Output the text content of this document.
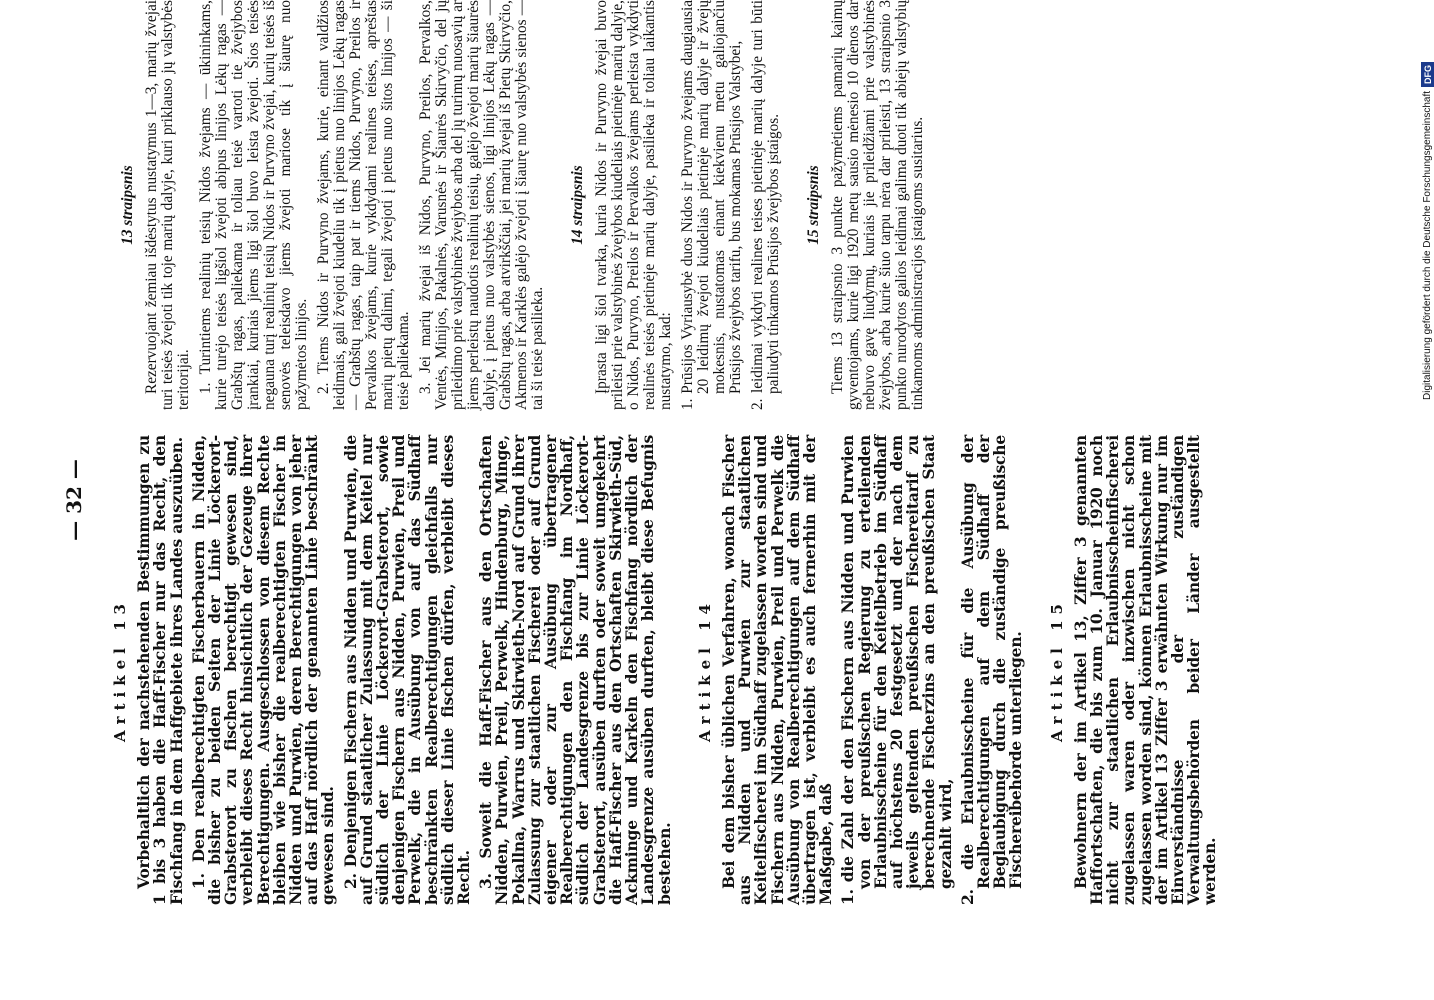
— 32 —
Artikel 13 Vorbehaltlich der nachstehenden Bestimmungen zu 1 bis 3 haben die Haff-Fischer nur das Recht, den Fischfang in dem Haffgebiete ihres Landes auszuüben. 1. Den realberechtigten Fischerbauern in Nidden, die bisher zu beiden Seiten der Linie Löckerort-Grabsterort zu fischen berechtigt gewesen sind, verbleibt dieses Recht hinsichtlich der Gezeuge ihrer Berechtigungen. Ausgeschlossen von diesem Rechte bleiben wie bisher die realberechtigten Fischer in Nidden und Purwien, deren Berechtigungen von jeher auf das Haff nördlich der genannten Linie beschränkt gewesen sind. 2. Denjenigen Fischern aus Nidden und Purwien, die auf Grund staatlicher Zulassung mit dem Keitel nur südlich der Linie Löckerort-Grabsterort, sowie denjenigen Fischern aus Nidden, Purwien, Preil und Perwelk, die in Ausübung von auf das Südhaff beschränkten Realberechtigungen gleichfalls nur südlich dieser Linie fischen dürfen, verbleibt dieses Recht. 3. Soweit die Haff-Fischer aus den Ortschaften Nidden, Purwien, Preil, Perwelk, Hindenburg, Minge, Pokallna, Warrus und Skirwieth-Nord auf Grund ihrer Zulassung zur staatlichen Fischerei oder auf Grund eigener oder zur Ausübung übertragener Realberechtigungen den Fischfang im Nordhaff, südlich der Landesgrenze bis zur Linie Löckerort-Grabsterort, ausüben durften oder soweit umgekehrt die Haff-Fischer aus den Ortschaften Skirwieth-Süd, Ackminge und Karkeln den Fischfang nördlich der Landesgrenze ausüben durften, bleibt diese Befugnis bestehen.

Artikel 14 Bei dem bisher üblichen Verfahren, wonach Fischer aus Nidden und Purwien zur staatlichen Keitelfischerei im Südhaff zugelassen worden sind und Fischern aus Nidden, Purwien, Preil und Perwelk die Ausübung von Realberechtigungen auf dem Südhaff übertragen ist, verbleibt es auch fernerhin mit der Maßgabe, daß 1. die Zahl der den Fischern aus Nidden und Purwien von der preußischen Regierung zu erteilenden Erlaubnisscheine für den Keitelbetrieb im Südhaff auf höchstens 20 festgesetzt und der nach dem jeweils geltenden preußischen Fischereitarif zu berechnende Fischerzins an den preußischen Staat gezahlt wird, 2. die Erlaubnisscheine für die Ausübung der Realberechtigungen auf dem Südhaff der Beglaubigung durch die zuständige preußische Fischereibehörde unterliegen. Artikel 15 Bewohnern der im Artikel 13, Ziffer 3 genannten Haffortschaften, die bis zum 10. Januar 1920 noch nicht zur staatlichen Erlaubnisscheinfischerei zugelassen waren oder inzwischen nicht schon zugelassen worden sind, können Erlaubnisscheine mit der im Artikel 13 Ziffer 3 erwähnten Wirkung nur im Einverständnisse der zuständigen Verwaltungsbehörden beider Länder ausgestellt werden.

13 straipsnis Rezervuojant žemiau išdėstytus nustatymus 1—3, marių žvejai turi teisės žvejoti tik toje marių dalyje, kuri priklauso jų valstybės teritorijai. 1. Turintiems realinių teisių Nidos žvejams — ūkininkams, kurie turėjo teisės ligšiol žvejoti abipus linijos Lėkų ragas — Grabštų ragas, paliekama ir toliau teisė vartoti tie žvejybos įrankiai, kuriais jiems ligi šiol buvo leista žvejoti. Šios teisės negauna turį realinių teisių Nidos ir Purvyno žvejai, kurių teisės iš senovės teleisdavo jiems žvejoti mariose tik į šiaurę nuo pažymėtos linijos. 2. Tiems Nidos ir Purvyno žvejams, kurie, einant valdžios leidimais, gali žvejoti kiudeliu tik į pietus nuo linijos Lėkų ragas — Grabštų ragas, taip pat ir tiems Nidos, Purvyno, Preilos ir Pervalkos žvejams, kurie vykdydami realines teises, apreštas marių pietų dalimi, tegali žvejoti į pietus nuo šitos linijos — ši teisė paliekama. 3. Jei marių žvejai iš Nidos, Purvyno, Preilos, Pervalkos, Ventės, Minijos, Pakalnės, Varusnės ir Šiaurės Skirvyčio, del jų prileidimo prie valstybinės žvejybos arba del jų turimų nuosavių ar jiems perleistų naudotis realinių teisių, galėjo žvejoti marių šiaurės dalyje, į pietus nuo valstybės sienos, ligi linijos Lėkų ragas — Grabštų ragas, arba atvirkščiai, jei marių žvejai iš Pietų Skirvyčio, Akmenos ir Karklės galėjo žvejoti į šiaurę nuo valstybės sienos — tai ši teisė pasilieka.

14 straipsnis Įprasta ligi šiol tvarka, kuria Nidos ir Purvyno žvejai buvo prileisti prie valstybinės žvejybos kiudeliais pietinėje marių dalyje, o Nidos, Purvyno, Preilos ir Pervalkos žvejams perleista vykdyti realinės teisės pietinėje marių dalyje, pasilieka ir toliau laikantis nustatymo, kad: 1. Prūsijos Vyriausybė duos Nidos ir Purvyno žvejams daugiausia 20 leidimų žvejoti kiudeliais pietinėje marių dalyje ir žvejų mokesnis, nustatomas einant kiekvienu metu galiojančiu Prūsijos žvejybos tarifu, bus mokamas Prūsijos Valstybei, 2. leidimai vykdyti realines teises pietinėje marių dalyje turi būti paliudyti tinkamos Prūsijos žvejybos įstaigos. 15 straipsnis Tiems 13 straipsnio 3 punkte pažymėtiems pamarių kaimų gyventojams, kurie ligi 1920 metų sausio mėnesio 10 dienos dar nebuvo gavę liudymų, kuriais jie prileidžiami prie valstybinės žvejybos, arba kurie šiuo tarpu nėra dar prileisti, 13 straipsnio 3 punkto nurodytos galios leidimai galima duoti tik abiejų valstybių tinkamoms administracijos įstaigoms susitarius.	Digitalisierung gefördert durch die Deutsche Forschungsgemeinschaft
DFG
